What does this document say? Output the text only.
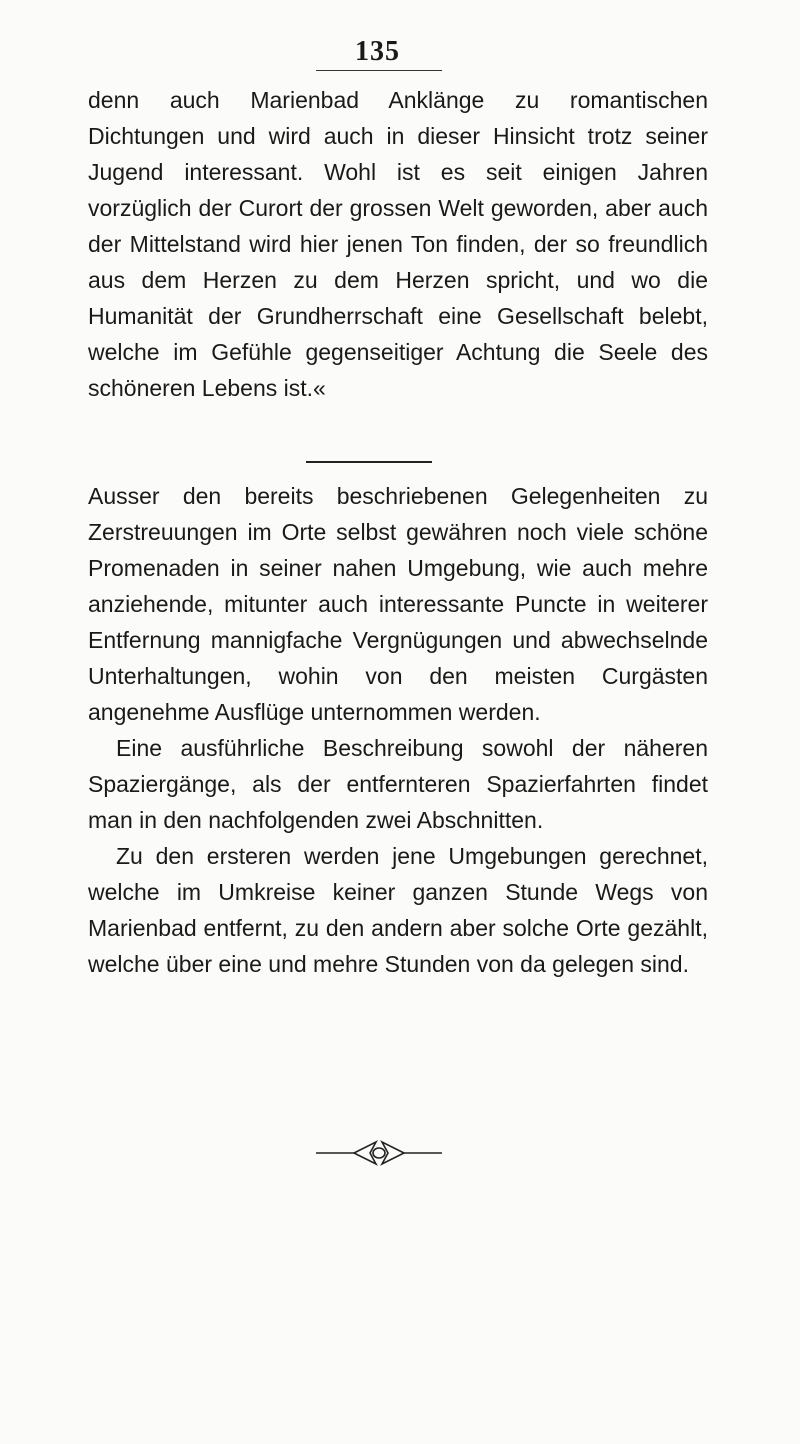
135

denn auch Marienbad Anklänge zu romantischen Dichtungen und wird auch in dieser Hinsicht trotz seiner Jugend interessant. Wohl ist es seit einigen Jahren vorzüglich der Curort der grossen Welt geworden, aber auch der Mittelstand wird hier jenen Ton finden, der so freundlich aus dem Herzen zu dem Herzen spricht, und wo die Humanität der Grundherrschaft eine Gesellschaft belebt, welche im Gefühle gegenseitiger Achtung die Seele des schöneren Lebens ist.«

Ausser den bereits beschriebenen Gelegenheiten zu Zerstreuungen im Orte selbst gewähren noch viele schöne Promenaden in seiner nahen Umgebung, wie auch mehre anziehende, mitunter auch interessante Puncte in weiterer Entfernung mannigfache Vergnügungen und abwechselnde Unterhaltungen, wohin von den meisten Curgästen angenehme Ausflüge unternommen werden.

Eine ausführliche Beschreibung sowohl der näheren Spaziergänge, als der entfernteren Spazierfahrten findet man in den nachfolgenden zwei Abschnitten.

Zu den ersteren werden jene Umgebungen gerechnet, welche im Umkreise keiner ganzen Stunde Wegs von Marienbad entfernt, zu den andern aber solche Orte gezählt, welche über eine und mehre Stunden von da gelegen sind.
